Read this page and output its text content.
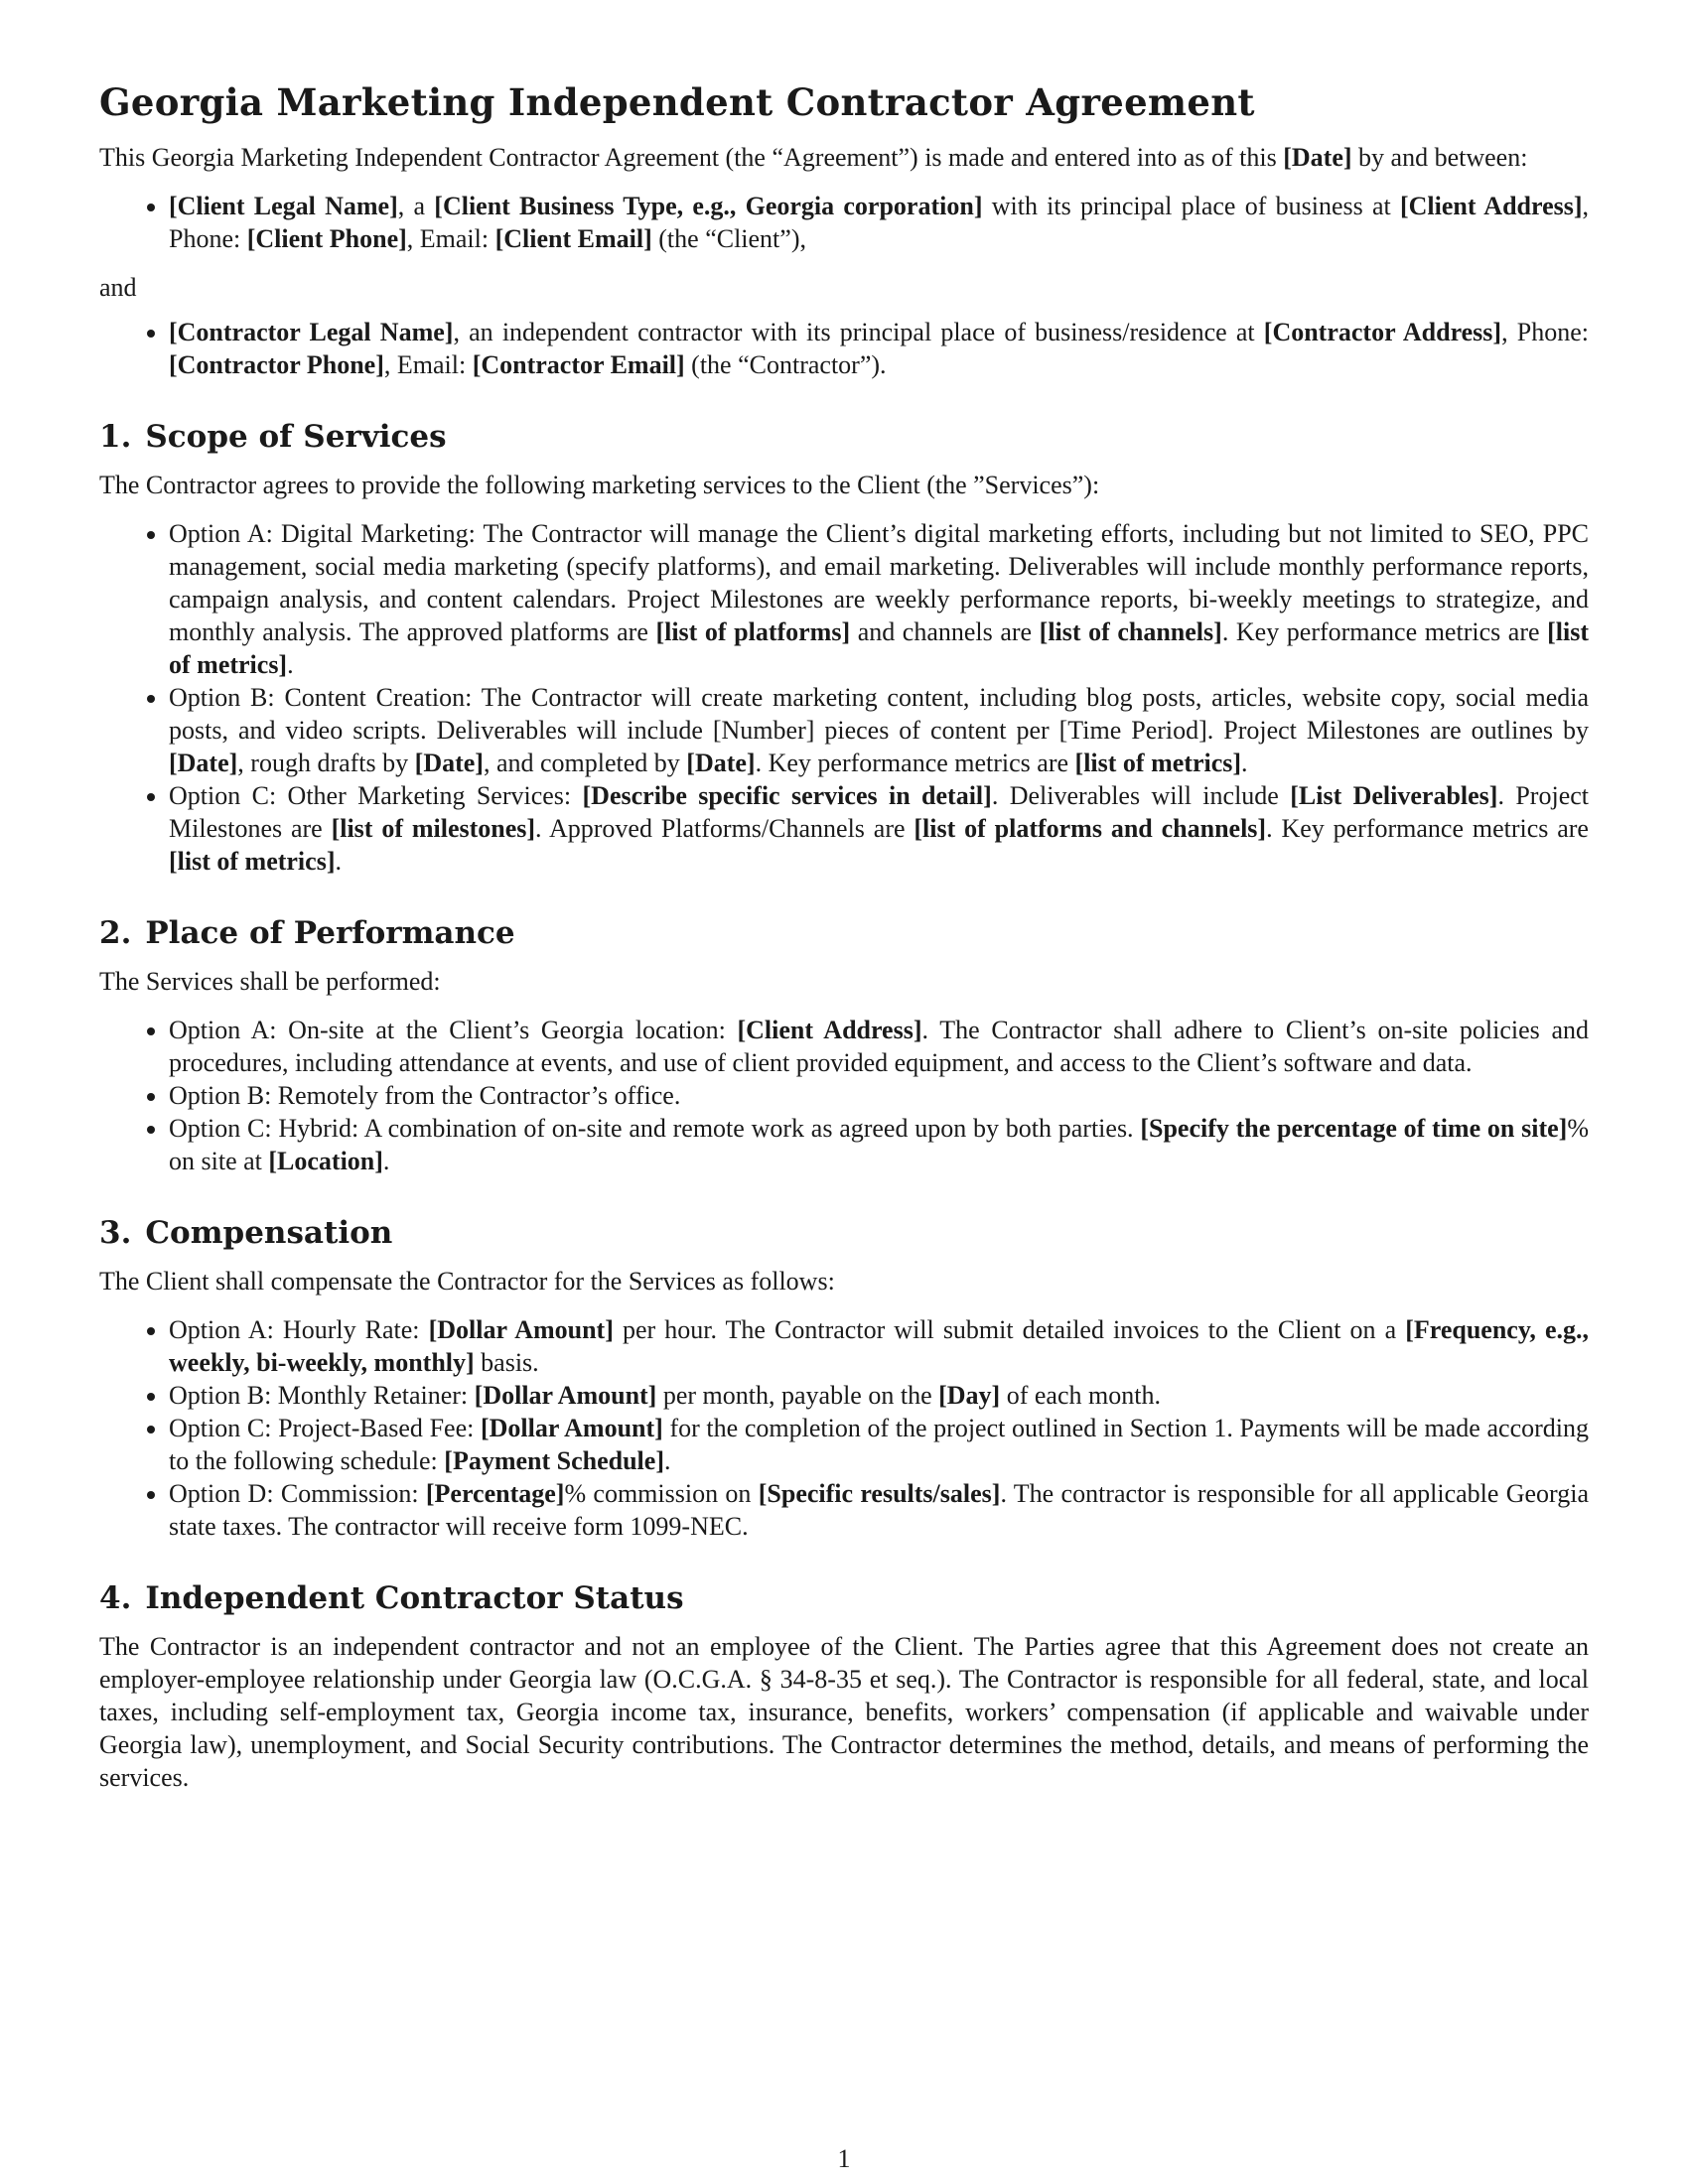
Georgia Marketing Independent Contractor Agreement

This Georgia Marketing Independent Contractor Agreement (the “Agreement”) is made and entered into as of this [Date] by and between:

• [Client Legal Name], a [Client Business Type, e.g., Georgia corporation] with its principal place of business at [Client Address], Phone: [Client Phone], Email: [Client Email] (the “Client”),
and
• [Contractor Legal Name], an independent contractor with its principal place of business/residence at [Contractor Address], Phone: [Contractor Phone], Email: [Contractor Email] (the “Contractor”).
1. Scope of Services

The Contractor agrees to provide the following marketing services to the Client (the ”Services”):

• Option A: Digital Marketing: The Contractor will manage the Client’s digital marketing efforts, including but not limited to SEO, PPC management, social media marketing (specify platforms), and email marketing. Deliverables will include monthly performance reports, campaign analysis, and content calendars. Project Milestones are weekly performance reports, bi-weekly meetings to strategize, and monthly analysis. The approved platforms are [list of platforms] and channels are [list of channels]. Key performance metrics are [list of metrics].
• Option B: Content Creation: The Contractor will create marketing content, including blog posts, articles, website copy, social media posts, and video scripts. Deliverables will include [Number] pieces of content per [Time Period]. Project Milestones are outlines by [Date], rough drafts by [Date], and completed by [Date]. Key performance metrics are [list of metrics].
• Option C: Other Marketing Services: [Describe specific services in detail]. Deliverables will include [List Deliverables]. Project Milestones are [list of milestones]. Approved Platforms/Channels are [list of platforms and channels]. Key performance metrics are [list of metrics].
2. Place of Performance

The Services shall be performed:

• Option A: On-site at the Client’s Georgia location: [Client Address]. The Contractor shall adhere to Client’s on-site policies and procedures, including attendance at events, and use of client provided equipment, and access to the Client’s software and data.
• Option B: Remotely from the Contractor’s office.
• Option C: Hybrid: A combination of on-site and remote work as agreed upon by both parties. [Specify the percentage of time on site]% on site at [Location].
3. Compensation

The Client shall compensate the Contractor for the Services as follows:

• Option A: Hourly Rate: [Dollar Amount] per hour. The Contractor will submit detailed invoices to the Client on a [Frequency, e.g., weekly, bi-weekly, monthly] basis.
• Option B: Monthly Retainer: [Dollar Amount] per month, payable on the [Day] of each month.
• Option C: Project-Based Fee: [Dollar Amount] for the completion of the project outlined in Section 1. Payments will be made according to the following schedule: [Payment Schedule].
• Option D: Commission: [Percentage]% commission on [Specific results/sales]. The contractor is responsible for all applicable Georgia state taxes. The contractor will receive form 1099-NEC.
4. Independent Contractor Status

The Contractor is an independent contractor and not an employee of the Client. The Parties agree that this Agreement does not create an employer-employee relationship under Georgia law (O.C.G.A. § 34-8-35 et seq.). The Contractor is responsible for all federal, state, and local taxes, including self-employment tax, Georgia income tax, insurance, benefits, workers’ compensation (if applicable and waivable under Georgia law), unemployment, and Social Security contributions. The Contractor determines the method, details, and means of performing the services.

1
